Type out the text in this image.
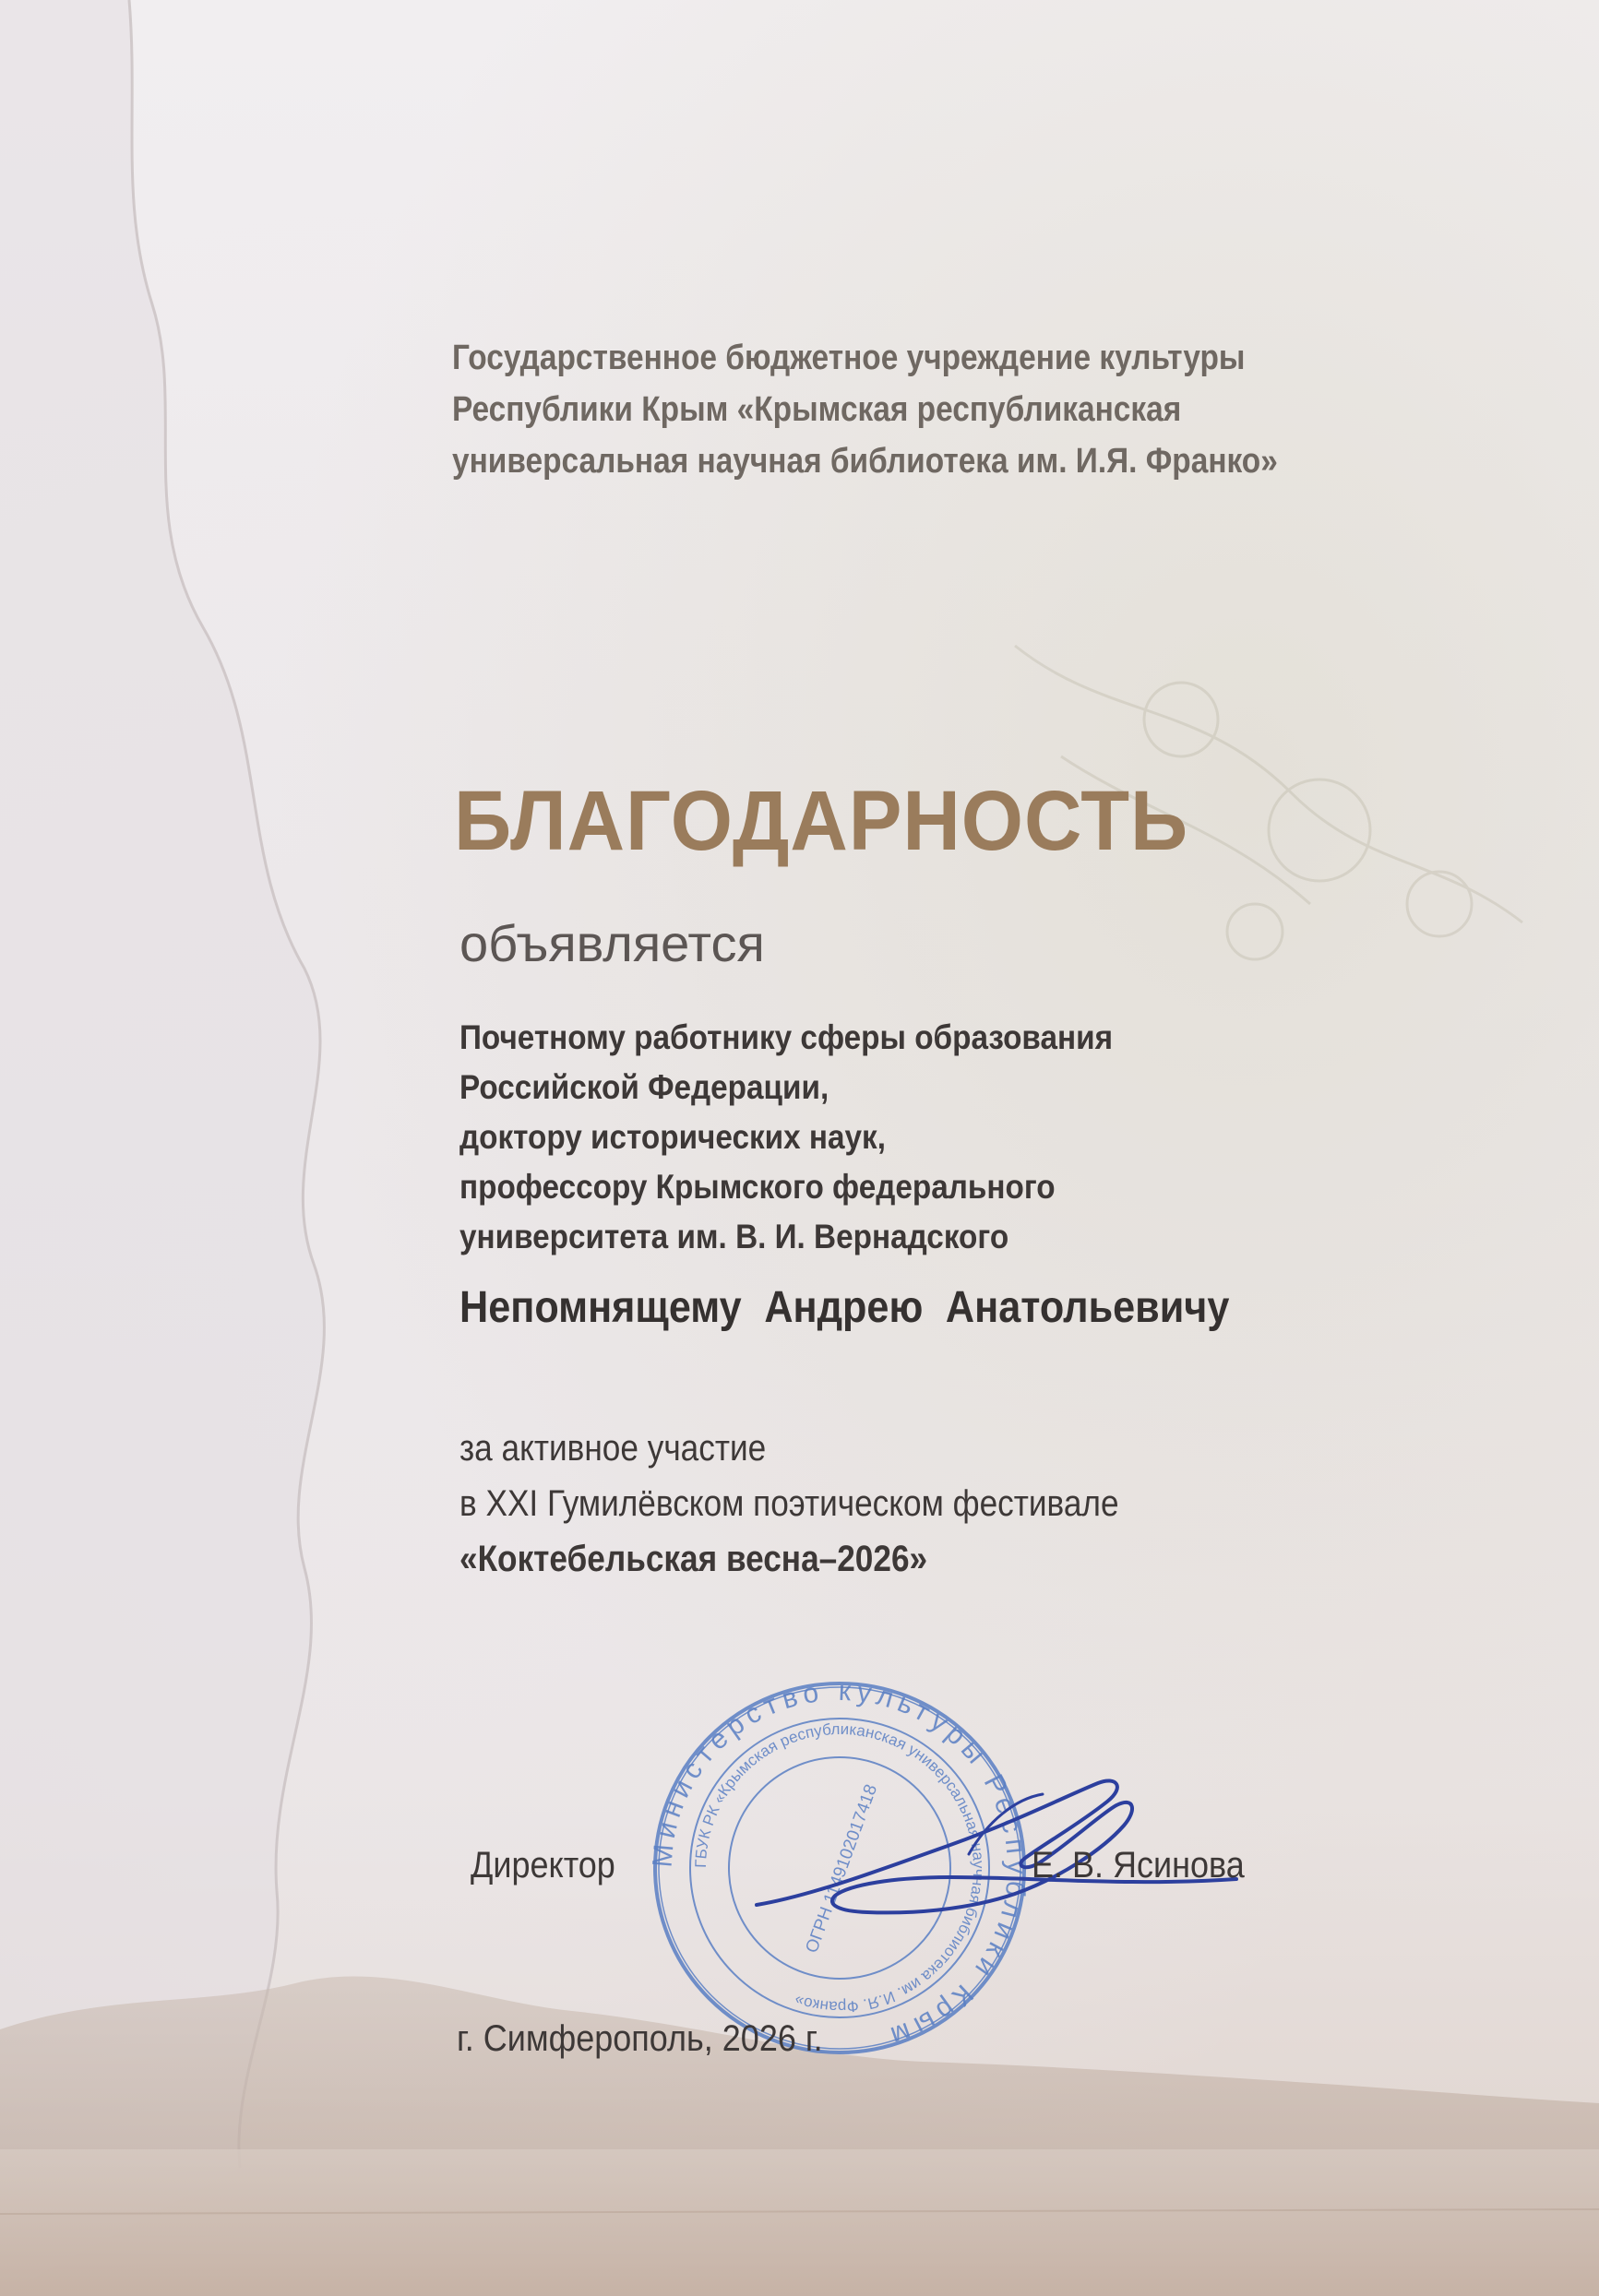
Государственное бюджетное учреждение культуры
Республики Крым «Крымская республиканская
универсальная научная библиотека им. И.Я. Франко»
БЛАГОДАРНОСТЬ
объявляется
Почетному работнику сферы образования
Российской Федерации,
доктору исторических наук,
профессору Крымского федерального
университета им. В. И. Вернадского
Непомнящему Андрею Анатольевичу
за активное участие
в XXI Гумилёвском поэтическом фестивале
«Коктебельская весна–2026»
Министерство культуры Республики Крым
ГБУК РК «Крымская республиканская универсальная научная библиотека им. И.Я. Франко»
ОГРН 1149102017418
Директор	Е. В. Ясинова
г. Симферополь, 2026 г.
